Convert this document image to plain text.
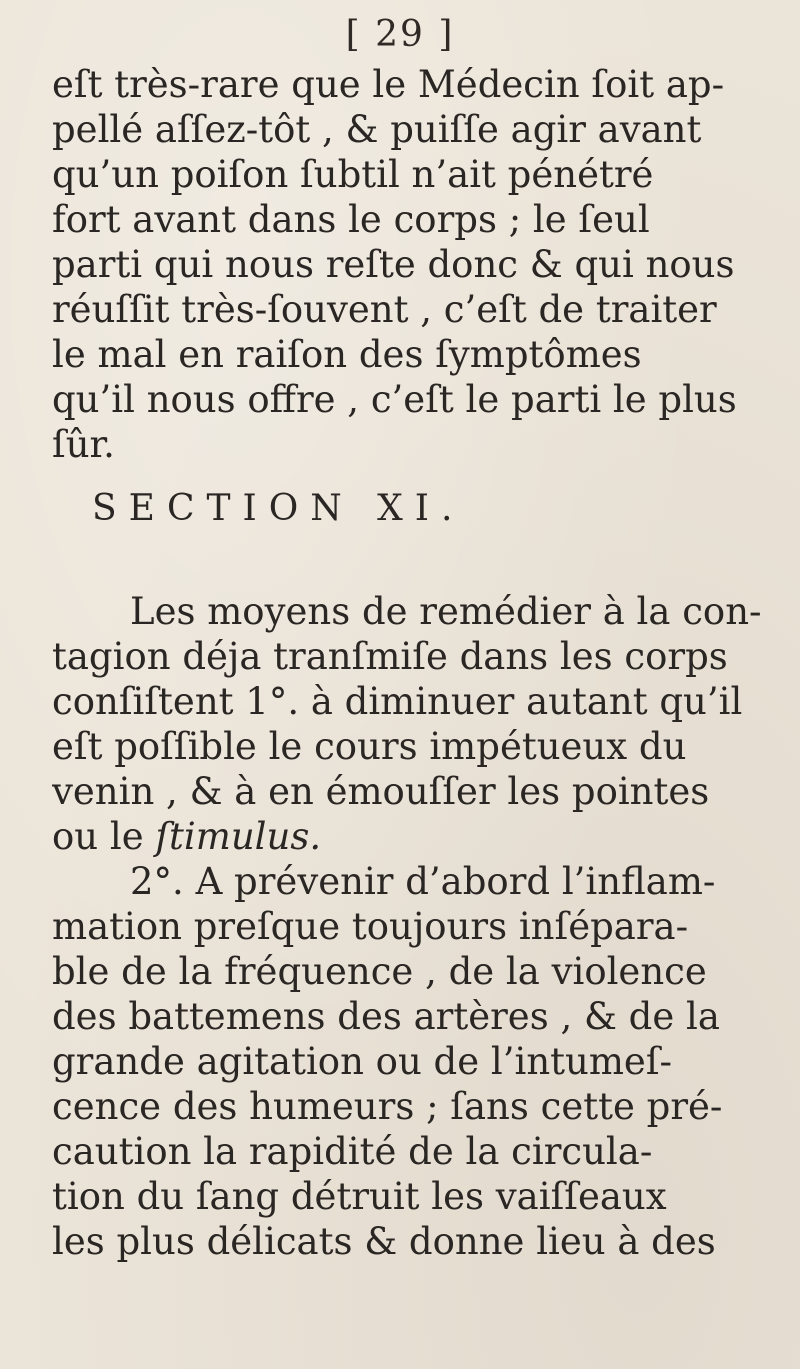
[ 29 ]
eſt très-rare que le Médecin ſoit ap-
pellé aſſez-tôt , & puiſſe agir avant
qu’un poiſon ſubtil n’ait pénétré
fort avant dans le corps ; le ſeul
parti qui nous reſte donc & qui nous
réuſſit très-ſouvent , c’eſt de traiter
le mal en raiſon des ſymptômes
qu’il nous offre , c’eſt le parti le plus
ſûr.
SECTION XI.
Les moyens de remédier à la con-
tagion déja tranſmiſe dans les corps
conſiſtent 1°. à diminuer autant qu’il
eſt poſſible le cours impétueux du
venin , & à en émouſſer les pointes
ou le ſtimulus.
2°. A prévenir d’abord l’inflam-
mation preſque toujours inſépara-
ble de la fréquence , de la violence
des battemens des artères , & de la
grande agitation ou de l’intumeſ-
cence des humeurs ; ſans cette pré-
caution la rapidité de la circula-
tion du ſang détruit les vaiſſeaux
les plus délicats & donne lieu à des
